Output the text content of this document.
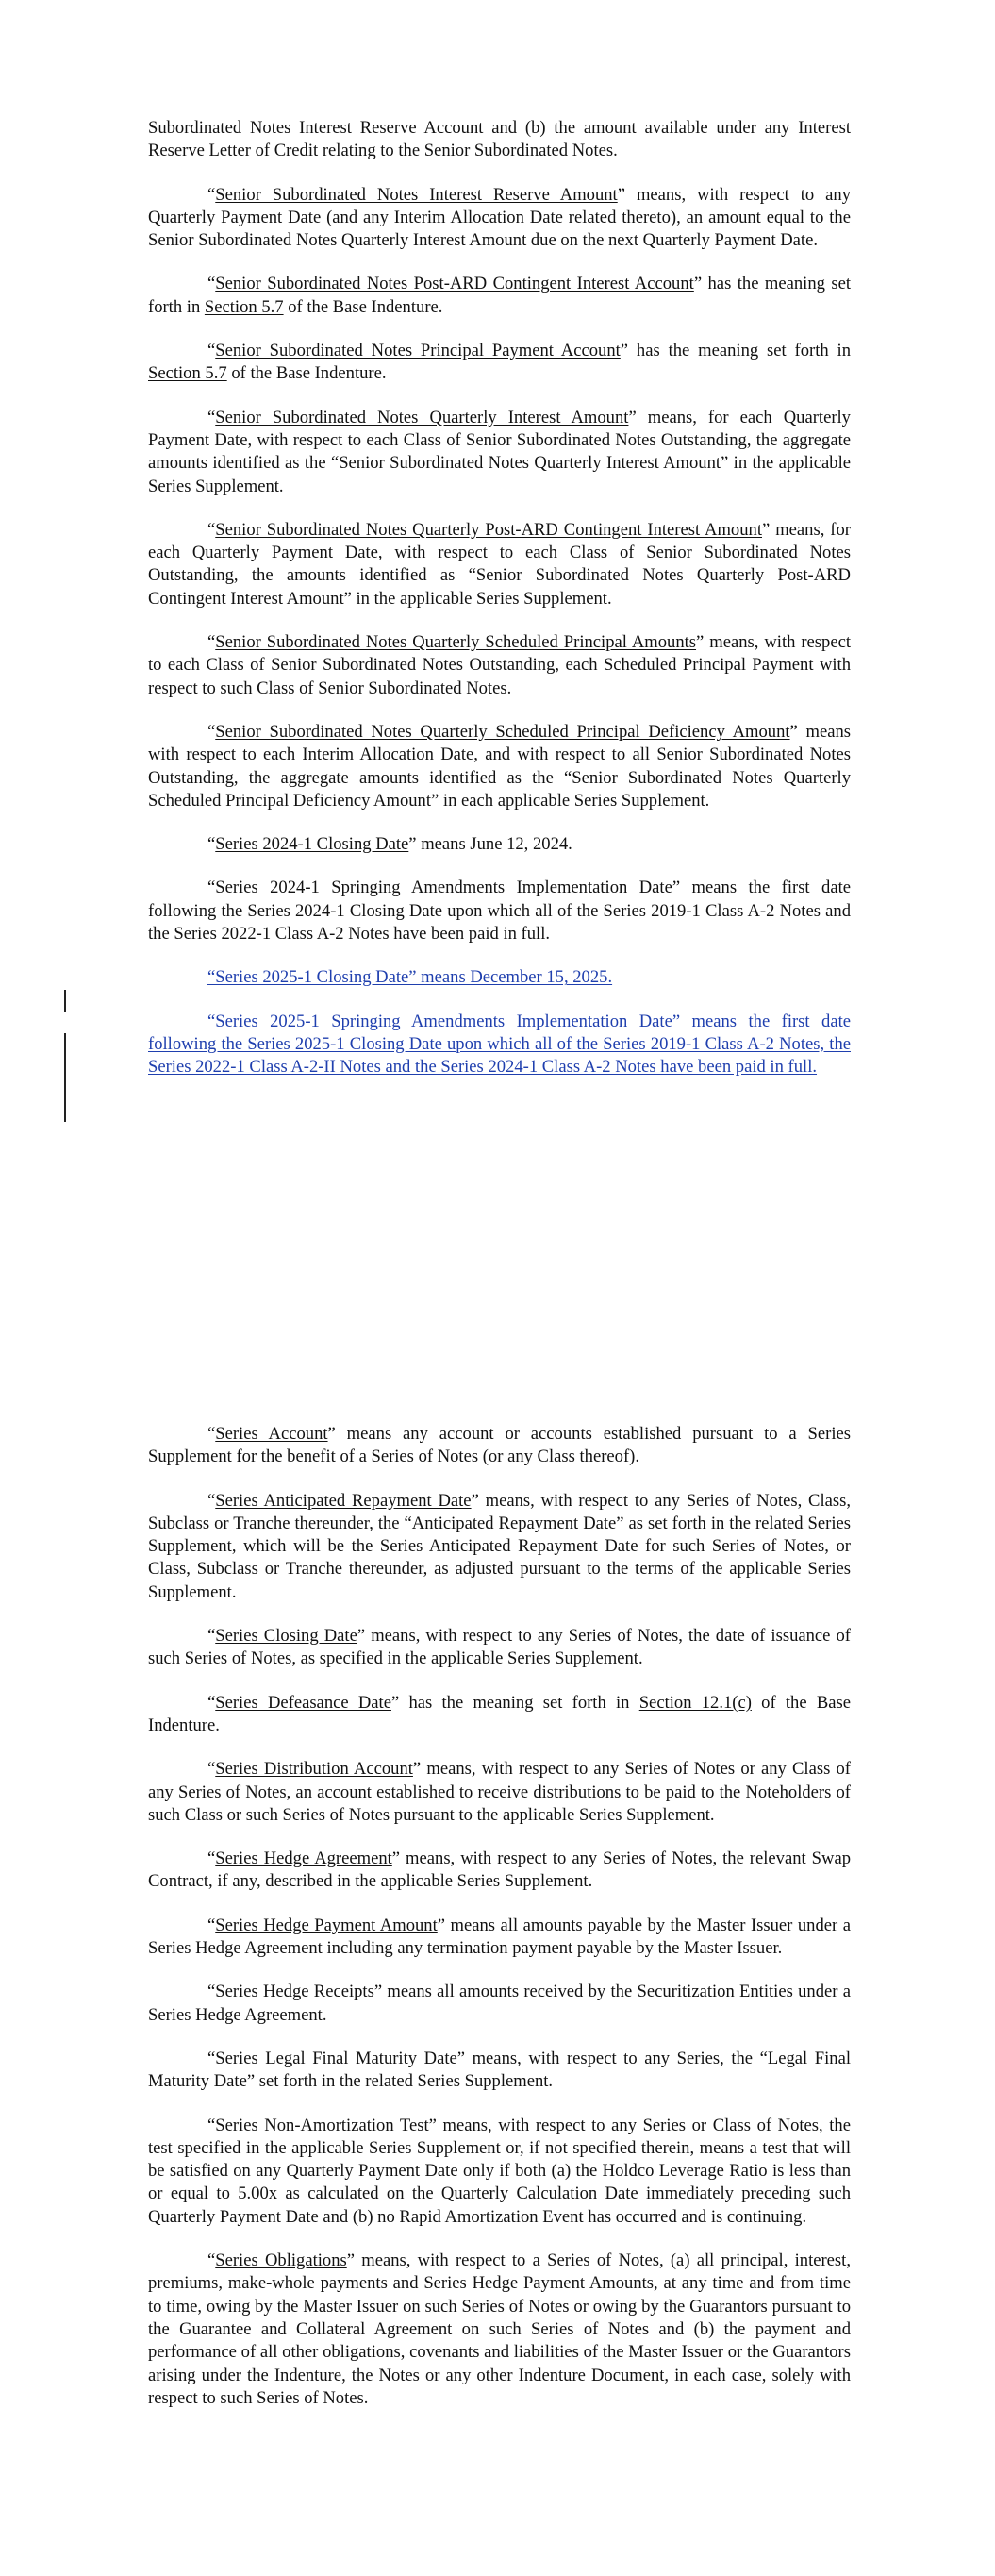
Subordinated Notes Interest Reserve Account and (b) the amount available under any Interest Reserve Letter of Credit relating to the Senior Subordinated Notes.

“Senior Subordinated Notes Interest Reserve Amount” means, with respect to any Quarterly Payment Date (and any Interim Allocation Date related thereto), an amount equal to the Senior Subordinated Notes Quarterly Interest Amount due on the next Quarterly Payment Date.

“Senior Subordinated Notes Post-ARD Contingent Interest Account” has the meaning set forth in Section 5.7 of the Base Indenture.

“Senior Subordinated Notes Principal Payment Account” has the meaning set forth in Section 5.7 of the Base Indenture.

“Senior Subordinated Notes Quarterly Interest Amount” means, for each Quarterly Payment Date, with respect to each Class of Senior Subordinated Notes Outstanding, the aggregate amounts identified as the “Senior Subordinated Notes Quarterly Interest Amount” in the applicable Series Supplement.

“Senior Subordinated Notes Quarterly Post-ARD Contingent Interest Amount” means, for each Quarterly Payment Date, with respect to each Class of Senior Subordinated Notes Outstanding, the amounts identified as “Senior Subordinated Notes Quarterly Post-ARD Contingent Interest Amount” in the applicable Series Supplement.

“Senior Subordinated Notes Quarterly Scheduled Principal Amounts” means, with respect to each Class of Senior Subordinated Notes Outstanding, each Scheduled Principal Payment with respect to such Class of Senior Subordinated Notes.

“Senior Subordinated Notes Quarterly Scheduled Principal Deficiency Amount” means with respect to each Interim Allocation Date, and with respect to all Senior Subordinated Notes Outstanding, the aggregate amounts identified as the “Senior Subordinated Notes Quarterly Scheduled Principal Deficiency Amount” in each applicable Series Supplement.

“Series 2024-1 Closing Date” means June 12, 2024.

“Series 2024-1 Springing Amendments Implementation Date” means the first date following the Series 2024-1 Closing Date upon which all of the Series 2019-1 Class A-2 Notes and the Series 2022-1 Class A-2 Notes have been paid in full.

“Series 2025-1 Closing Date” means December 15, 2025.

“Series 2025-1 Springing Amendments Implementation Date” means the first date following the Series 2025-1 Closing Date upon which all of the Series 2019-1 Class A-2 Notes, the Series 2022-1 Class A-2-II Notes and the Series 2024-1 Class A-2 Notes have been paid in full.

“Series Account” means any account or accounts established pursuant to a Series Supplement for the benefit of a Series of Notes (or any Class thereof).

“Series Anticipated Repayment Date” means, with respect to any Series of Notes, Class, Subclass or Tranche thereunder, the “Anticipated Repayment Date” as set forth in the related Series Supplement, which will be the Series Anticipated Repayment Date for such Series of Notes, or Class, Subclass or Tranche thereunder, as adjusted pursuant to the terms of the applicable Series Supplement.

“Series Closing Date” means, with respect to any Series of Notes, the date of issuance of such Series of Notes, as specified in the applicable Series Supplement.

“Series Defeasance Date” has the meaning set forth in Section 12.1(c) of the Base Indenture.

“Series Distribution Account” means, with respect to any Series of Notes or any Class of any Series of Notes, an account established to receive distributions to be paid to the Noteholders of such Class or such Series of Notes pursuant to the applicable Series Supplement.

“Series Hedge Agreement” means, with respect to any Series of Notes, the relevant Swap Contract, if any, described in the applicable Series Supplement.

“Series Hedge Payment Amount” means all amounts payable by the Master Issuer under a Series Hedge Agreement including any termination payment payable by the Master Issuer.

“Series Hedge Receipts” means all amounts received by the Securitization Entities under a Series Hedge Agreement.

“Series Legal Final Maturity Date” means, with respect to any Series, the “Legal Final Maturity Date” set forth in the related Series Supplement.

“Series Non-Amortization Test” means, with respect to any Series or Class of Notes, the test specified in the applicable Series Supplement or, if not specified therein, means a test that will be satisfied on any Quarterly Payment Date only if both (a) the Holdco Leverage Ratio is less than or equal to 5.00x as calculated on the Quarterly Calculation Date immediately preceding such Quarterly Payment Date and (b) no Rapid Amortization Event has occurred and is continuing.

“Series Obligations” means, with respect to a Series of Notes, (a) all principal, interest, premiums, make-whole payments and Series Hedge Payment Amounts, at any time and from time to time, owing by the Master Issuer on such Series of Notes or owing by the Guarantors pursuant to the Guarantee and Collateral Agreement on such Series of Notes and (b) the payment and performance of all other obligations, covenants and liabilities of the Master Issuer or the Guarantors arising under the Indenture, the Notes or any other Indenture Document, in each case, solely with respect to such Series of Notes.
